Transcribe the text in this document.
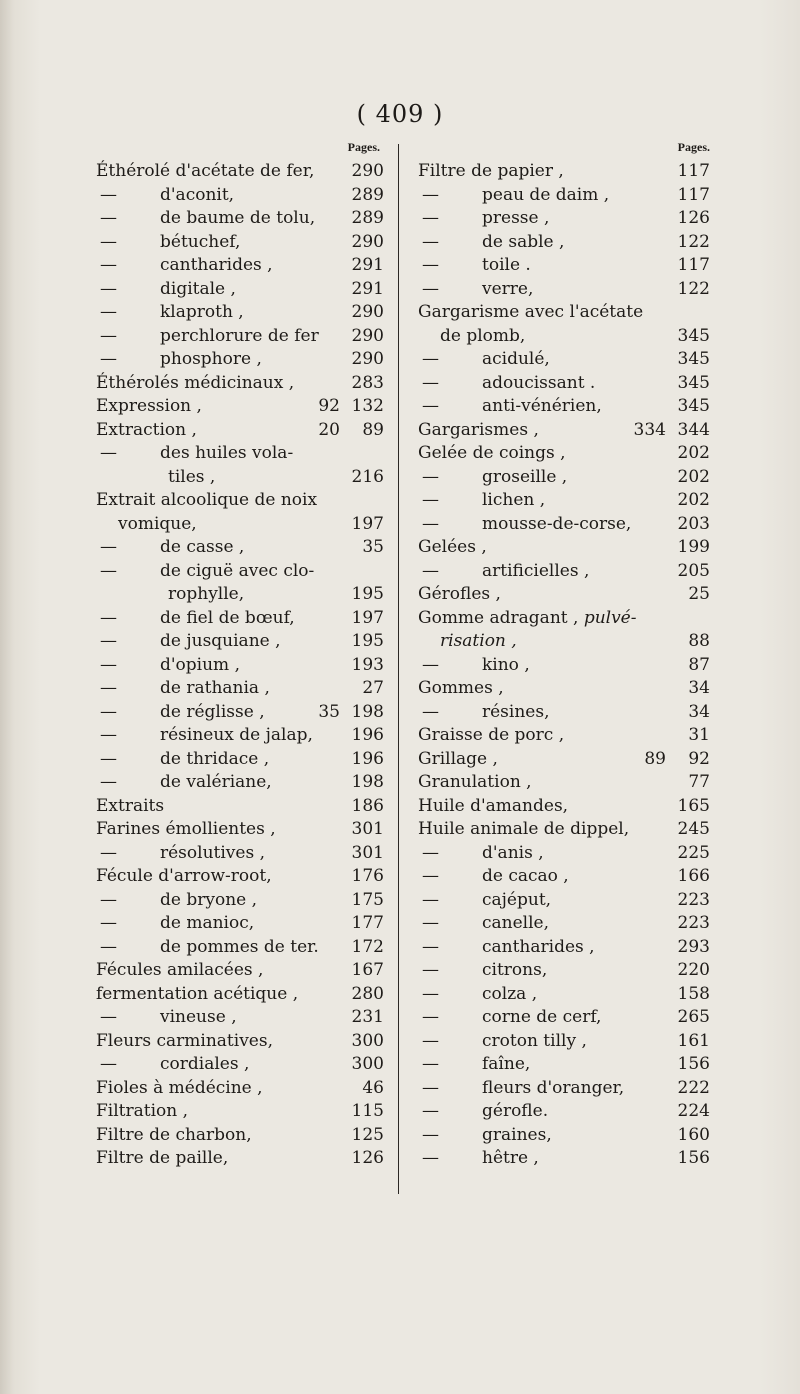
( 409 )
Pages.
Éthérolé d'acétate de fer, 290
—	d'aconit,	289
—	de baume de tolu, 289
—	bétuchef,	290
—	cantharides ,	291
—	digitale ,	291
—	klaproth ,	290
—	perchlorure de fer 290
—	phosphore ,	290
Éthérolés médicinaux ,	283
Expression ,	92 132
Extraction ,	20 89
—	des huiles vola-
tiles ,	216
Extrait alcoolique de noix
vomique,	197
—	de casse ,	35
—	de ciguë avec clo-
rophylle,	195
—	de fiel de bœuf,	197
—	de jusquiane ,	195
—	d'opium ,	193
—	de rathania ,	27
—	de réglisse ,	35 198
—	résineux de jalap, 196
—	de thridace ,	196
—	de valériane,	198
Extraits	186
Farines émollientes ,	301
—	résolutives ,	301
Fécule d'arrow-root,	176
—	de bryone ,	175
—	de manioc,	177
—	de pommes de ter. 172
Fécules amilacées ,	167
fermentation acétique ,	280
—	vineuse ,	231
Fleurs carminatives,	300
—	cordiales ,	300
Fioles à médécine ,	46
Filtration ,	115
Filtre de charbon,	125
Filtre de paille,	126
Pages.
Filtre de papier ,	117
—	peau de daim ,	117
—	presse ,	126
—	de sable ,	122
—	toile .	117
—	verre,	122
Gargarisme avec l'acétate
de plomb,	345
—	acidulé,	345
—	adoucissant .	345
—	anti-vénérien,	345
Gargarismes ,	334 344
Gelée de coings ,	202
—	groseille ,	202
—	lichen ,	202
—	mousse-de-corse,	203
Gelées ,	199
—	artificielles ,	205
Gérofles ,	25
Gomme adragant , pulvé-
risation ,	88
—	kino ,	87
Gommes ,	34
—	résines,	34
Graisse de porc ,	31
Grillage ,	89 92
Granulation ,	77
Huile d'amandes,	165
Huile animale de dippel,	245
—	d'anis ,	225
—	de cacao ,	166
—	cajéput,	223
—	canelle,	223
—	cantharides ,	293
—	citrons,	220
—	colza ,	158
—	corne de cerf,	265
—	croton tilly ,	161
—	faîne,	156
—	fleurs d'oranger,	222
—	gérofle.	224
—	graines,	160
—	hêtre ,	156
